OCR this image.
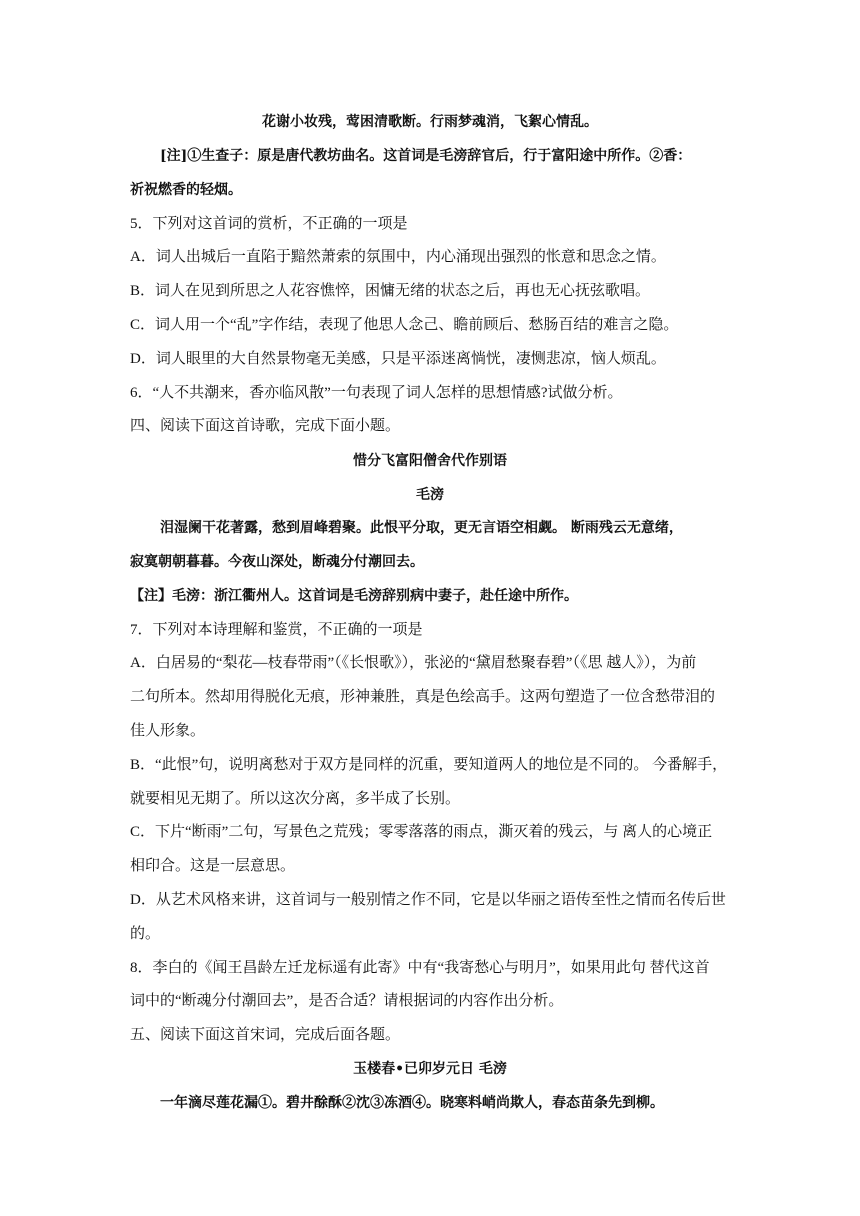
花谢小妆残，莺困清歌断。行雨梦魂消，飞絮心情乱。
[注]①生查子：原是唐代教坊曲名。这首词是毛滂辞官后，行于富阳途中所作。②香：
祈祝燃香的轻烟。
5．下列对这首词的赏析，不正确的一项是
A．词人出城后一直陷于黯然萧索的氛围中，内心涌现出强烈的怅意和思念之情。
B．词人在见到所思之人花容憔悴，困慵无绪的状态之后，再也无心抚弦歌唱。
C．词人用一个“乱”字作结，表现了他思人念己、瞻前顾后、愁肠百结的难言之隐。
D．词人眼里的大自然景物毫无美感，只是平添迷离惝恍，凄恻悲凉，恼人烦乱。
6．“人不共潮来，香亦临风散”一句表现了词人怎样的思想情感?试做分析。
四、阅读下面这首诗歌，完成下面小题。
惜分飞富阳僧舍代作别语
毛滂
泪湿阑干花著露，愁到眉峰碧聚。此恨平分取，更无言语空相觑。 断雨残云无意绪，
寂寞朝朝暮暮。今夜山深处，断魂分付潮回去。
【注】毛滂：浙江衢州人。这首词是毛滂辞别病中妻子，赴任途中所作。
7．下列对本诗理解和鉴赏，不正确的一项是
A．白居易的“梨花—枝春带雨”（《长恨歌》），张泌的“黛眉愁聚春碧”（《思 越人》），为前
二句所本。然却用得脱化无痕，形神兼胜，真是色绘高手。这两句塑造了一位含愁带泪的
佳人形象。
B．“此恨”句，说明离愁对于双方是同样的沉重，要知道两人的地位是不同的。 今番解手，
就要相见无期了。所以这次分离，多半成了长别。
C．下片“断雨”二句，写景色之荒残；零零落落的雨点，澌灭着的残云，与 离人的心境正
相印合。这是一层意思。
D．从艺术风格来讲，这首词与一般别情之作不同，它是以华丽之语传至性之情而名传后世
的。
8．李白的《闻王昌龄左迁龙标遥有此寄》中有“我寄愁心与明月”，如果用此句 替代这首
词中的“断魂分付潮回去”，是否合适？请根据词的内容作出分析。
五、阅读下面这首宋词，完成后面各题。
玉楼春•已卯岁元日 毛滂
一年滴尽莲花漏①。碧井酴酥②沈③冻酒④。晓寒料峭尚欺人，春态苗条先到柳。
